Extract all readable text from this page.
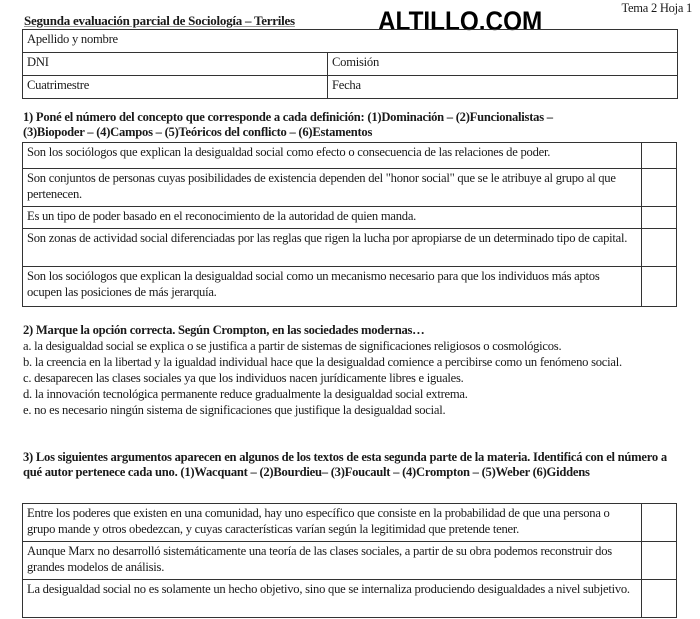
Tema 2 Hoja 1
Segunda evaluación parcial de Sociología – Terriles	ALTILLO.COM
Apellido y nombre	
DNI	Comisión
Cuatrimestre	Fecha
1) Poné el número del concepto que corresponde a cada definición: (1)Dominación – (2)Funcionalistas –
(3)Biopoder – (4)Campos – (5)Teóricos del conflicto – (6)Estamentos
Son los sociólogos que explican la desigualdad social como efecto o consecuencia de las relaciones de poder.	
Son conjuntos de personas cuyas posibilidades de existencia dependen del "honor social" que se le atribuye al grupo al que pertenecen.	
Es un tipo de poder basado en el reconocimiento de la autoridad de quien manda.	
Son zonas de actividad social diferenciadas por las reglas que rigen la lucha por apropiarse de un determinado tipo de capital.	
Son los sociólogos que explican la desigualdad social como un mecanismo necesario para que los individuos más aptos ocupen las posiciones de más jerarquía.	
2) Marque la opción correcta. Según Crompton, en las sociedades modernas…
a. la desigualdad social se explica o se justifica a partir de sistemas de significaciones religiosos o cosmológicos.
b. la creencia en la libertad y la igualdad individual hace que la desigualdad comience a percibirse como un fenómeno social.
c. desaparecen las clases sociales ya que los individuos nacen jurídicamente libres e iguales.
d. la innovación tecnológica permanente reduce gradualmente la desigualdad social extrema.
e. no es necesario ningún sistema de significaciones que justifique la desigualdad social.
3) Los siguientes argumentos aparecen en algunos de los textos de esta segunda parte de la materia. Identificá con el número a qué autor pertenece cada uno. (1)Wacquant – (2)Bourdieu– (3)Foucault – (4)Crompton – (5)Weber (6)Giddens
Entre los poderes que existen en una comunidad, hay uno específico que consiste en la probabilidad de que una persona o grupo mande y otros obedezcan, y cuyas características varían según la legitimidad que pretende tener.	
Aunque Marx no desarrolló sistemáticamente una teoría de las clases sociales, a partir de su obra podemos reconstruir dos grandes modelos de análisis.	
La desigualdad social no es solamente un hecho objetivo, sino que se internaliza produciendo desigualdades a nivel subjetivo.	
